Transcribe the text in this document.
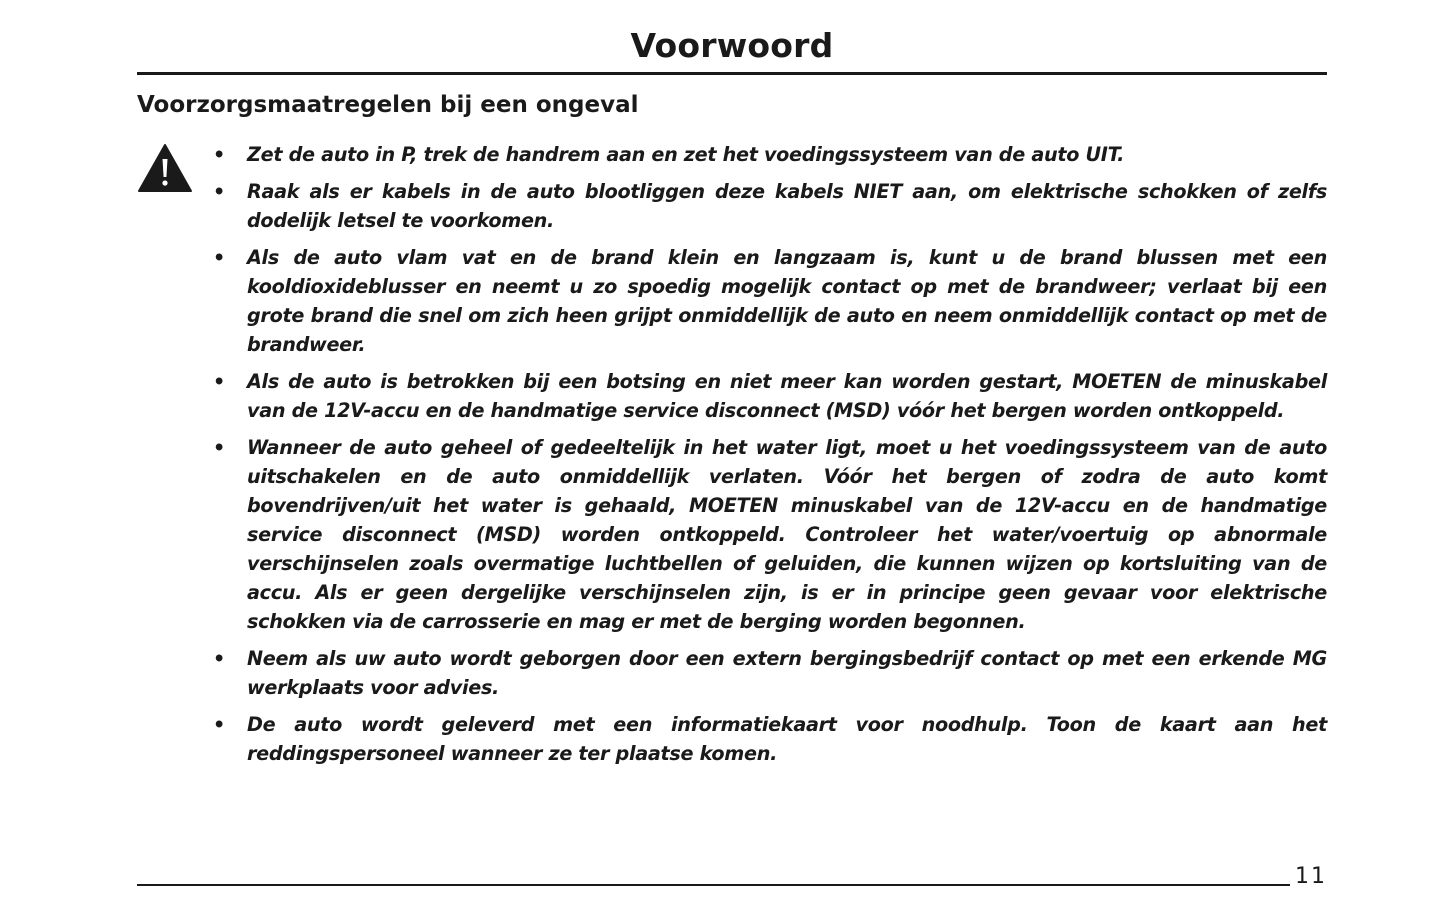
Voorwoord
Voorzorgsmaatregelen bij een ongeval
• Zet de auto in P, trek de handrem aan en zet het voedingssysteem van de auto UIT.
• Raak als er kabels in de auto blootliggen deze kabels NIET aan, om elektrische schokken of zelfs dodelijk letsel te voorkomen.
• Als de auto vlam vat en de brand klein en langzaam is, kunt u de brand blussen met een kooldioxideblusser en neemt u zo spoedig mogelijk contact op met de brandweer; verlaat bij een grote brand die snel om zich heen grijpt onmiddellijk de auto en neem onmiddellijk contact op met de brandweer.
• Als de auto is betrokken bij een botsing en niet meer kan worden gestart, MOETEN de minuskabel van de 12V-accu en de handmatige service disconnect (MSD) vóór het bergen worden ontkoppeld.
• Wanneer de auto geheel of gedeeltelijk in het water ligt, moet u het voedingssysteem van de auto uitschakelen en de auto onmiddellijk verlaten. Vóór het bergen of zodra de auto komt bovendrijven/uit het water is gehaald, MOETEN minuskabel van de 12V-accu en de handmatige service disconnect (MSD) worden ontkoppeld. Controleer het water/voertuig op abnormale verschijnselen zoals overmatige luchtbellen of geluiden, die kunnen wijzen op kortsluiting van de accu. Als er geen dergelijke verschijnselen zijn, is er in principe geen gevaar voor elektrische schokken via de carrosserie en mag er met de berging worden begonnen.
• Neem als uw auto wordt geborgen door een extern bergingsbedrijf contact op met een erkende MG werkplaats voor advies.
• De auto wordt geleverd met een informatiekaart voor noodhulp. Toon de kaart aan het reddingspersoneel wanneer ze ter plaatse komen.
11
